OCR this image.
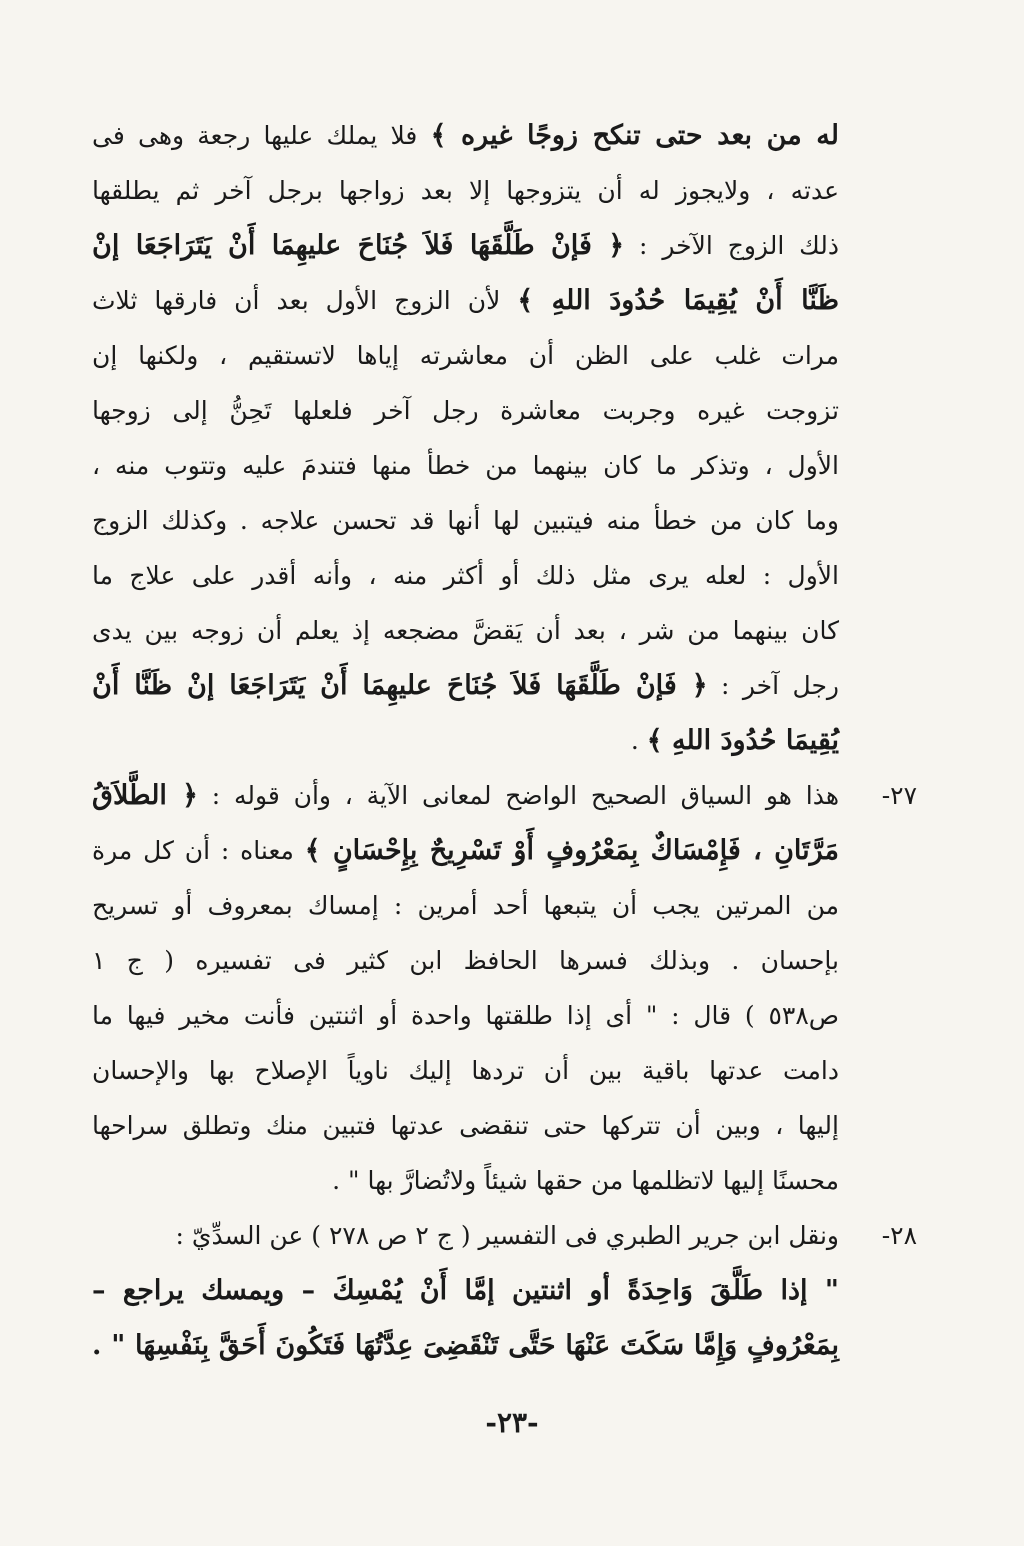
له من بعد حتى تنكح زوجًا غيره ﴾ فلا يملك عليها رجعة وهى فى
عدته ، ولايجوز له أن يتزوجها إلا بعد زواجها برجل آخر ثم يطلقها
ذلك الزوج الآخر : ﴿ فَإنْ طَلَّقَهَا فَلاَ جُنَاحَ عليهِمَا أَنْ يَتَرَاجَعَا إنْ
ظَنَّا أَنْ يُقِيمَا حُدُودَ اللهِ ﴾ لأن الزوج الأول بعد أن فارقها ثلاث
مرات غلب على الظن أن معاشرته إياها لاتستقيم ، ولكنها إن
تزوجت غيره وجربت معاشرة رجل آخر فلعلها تَحِنُّ إلى زوجها
الأول ، وتذكر ما كان بينهما من خطأ منها فتندمَ عليه وتتوب منه ،
وما كان من خطأ منه فيتبين لها أنها قد تحسن علاجه . وكذلك الزوج
الأول : لعله يرى مثل ذلك أو أكثر منه ، وأنه أقدر على علاج ما
كان بينهما من شر ، بعد أن يَقضَّ مضجعه إذ يعلم أن زوجه بين يدى
رجل آخر : ﴿ فَإنْ طَلَّقَهَا فَلاَ جُنَاحَ عليهِمَا أَنْ يَتَرَاجَعَا إنْ ظَنَّا أَنْ
يُقِيمَا حُدُودَ اللهِ ﴾ .
٢٧-
هذا هو السياق الصحيح الواضح لمعانى الآية ، وأن قوله : ﴿ الطَّلاَقُ
مَرَّتَانِ ، فَإِمْسَاكٌ بِمَعْرُوفٍ أَوْ تَسْرِيحٌ بِإِحْسَانٍ ﴾ معناه : أن كل مرة
من المرتين يجب أن يتبعها أحد أمرين : إمساك بمعروف أو تسريح
بإحسان . وبذلك فسرها الحافظ ابن كثير فى تفسيره ( ج ١
ص٥٣٨ ) قال : " أى إذا طلقتها واحدة أو اثنتين فأنت مخير فيها ما
دامت عدتها باقية بين أن تردها إليك ناوياً الإصلاح بها والإحسان
إليها ، وبين أن تتركها حتى تنقضى عدتها فتبين منك وتطلق سراحها
محسنًا إليها لاتظلمها من حقها شيئاً ولاتُضارَّ بها " .
٢٨-
ونقل ابن جرير الطبري فى التفسير ( ج ٢ ص ٢٧٨ ) عن السدِّيّ :
" إذا طَلَّقَ وَاحِدَةً أو اثنتين إمَّا أَنْ يُمْسِكَ – ويمسك يراجع –
بِمَعْرُوفٍ وَإِمَّا سَكَتَ عَنْهَا حَتَّى تَنْقَضِىَ عِدَّتُهَا فَتَكُونَ أَحَقَّ بِنَفْسِهَا " .
-٢٣-
